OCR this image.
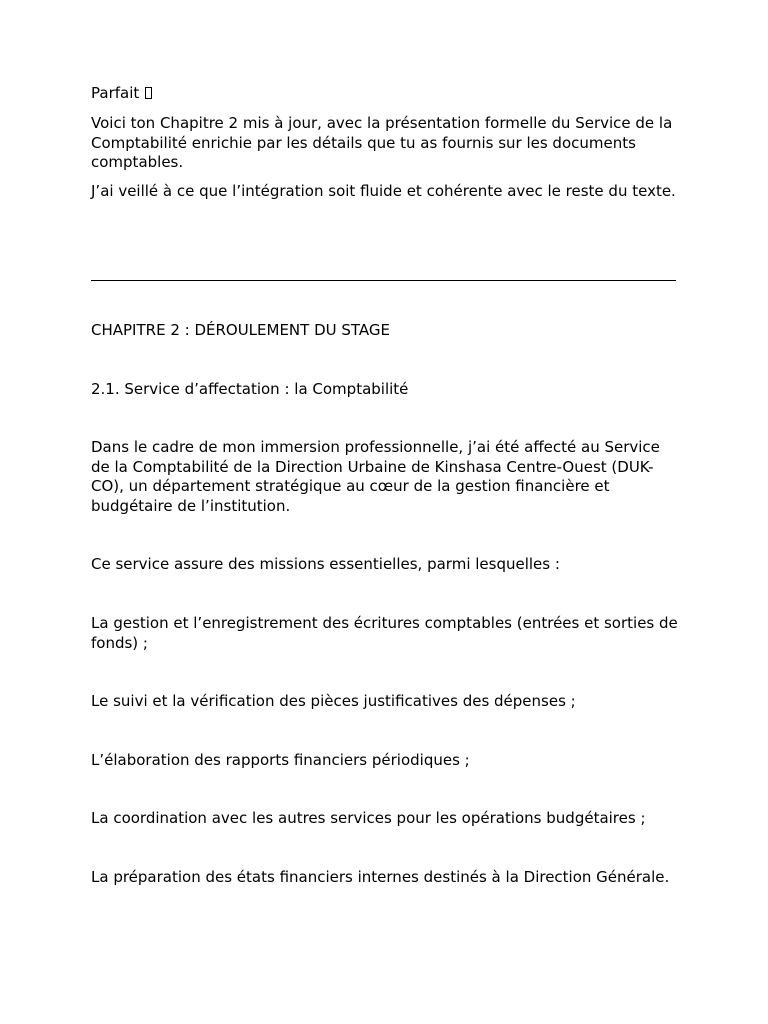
Parfait

Voici ton Chapitre 2 mis à jour, avec la présentation formelle du Service de la Comptabilité enrichie par les détails que tu as fournis sur les documents comptables.

J’ai veillé à ce que l’intégration soit fluide et cohérente avec le reste du texte.

CHAPITRE 2 : DÉROULEMENT DU STAGE

2.1. Service d’affectation : la Comptabilité

Dans le cadre de mon immersion professionnelle, j’ai été affecté au Service de la Comptabilité de la Direction Urbaine de Kinshasa Centre-Ouest (DUK-CO), un département stratégique au cœur de la gestion financière et budgétaire de l’institution.

Ce service assure des missions essentielles, parmi lesquelles :

La gestion et l’enregistrement des écritures comptables (entrées et sorties de fonds) ;

Le suivi et la vérification des pièces justificatives des dépenses ;

L’élaboration des rapports financiers périodiques ;

La coordination avec les autres services pour les opérations budgétaires ;

La préparation des états financiers internes destinés à la Direction Générale.
